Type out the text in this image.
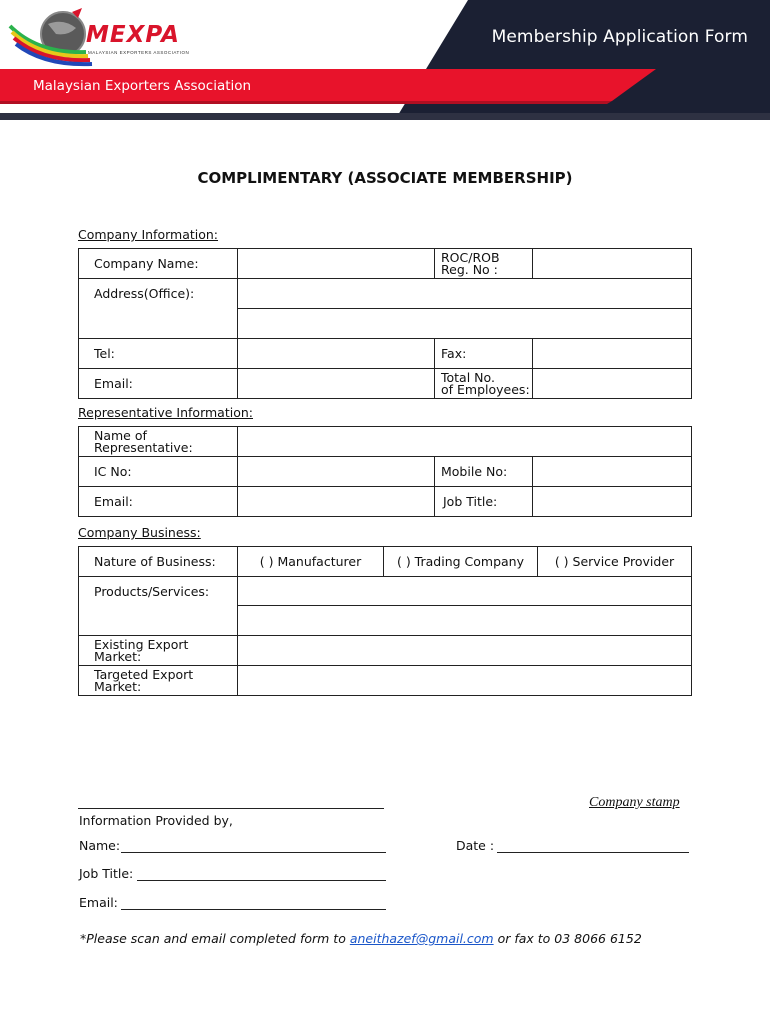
MEXPA
MALAYSIAN EXPORTERS ASSOCIATION
Membership Application Form
Malaysian Exporters Association
COMPLIMENTARY (ASSOCIATE MEMBERSHIP)
Company Information:
Company Name:		ROC/ROB
Reg. No :	
Address(Office):			

Tel:		Fax:	
Email:		Total No.
of Employees:	
Representative Information:
Name of
Representative:			
IC No:		Mobile No:	
Email:		Job Title:	
Company Business:
Nature of Business:	( ) Manufacturer	( ) Trading Company	( ) Service Provider
Products/Services:			

Existing Export
Market:			
Targeted Export
Market:			
Company stamp
Information Provided by,
Name:	Date :
Job Title:
Email:
*Please scan and email completed form to aneithazef@gmail.com or fax to 03 8066 6152
